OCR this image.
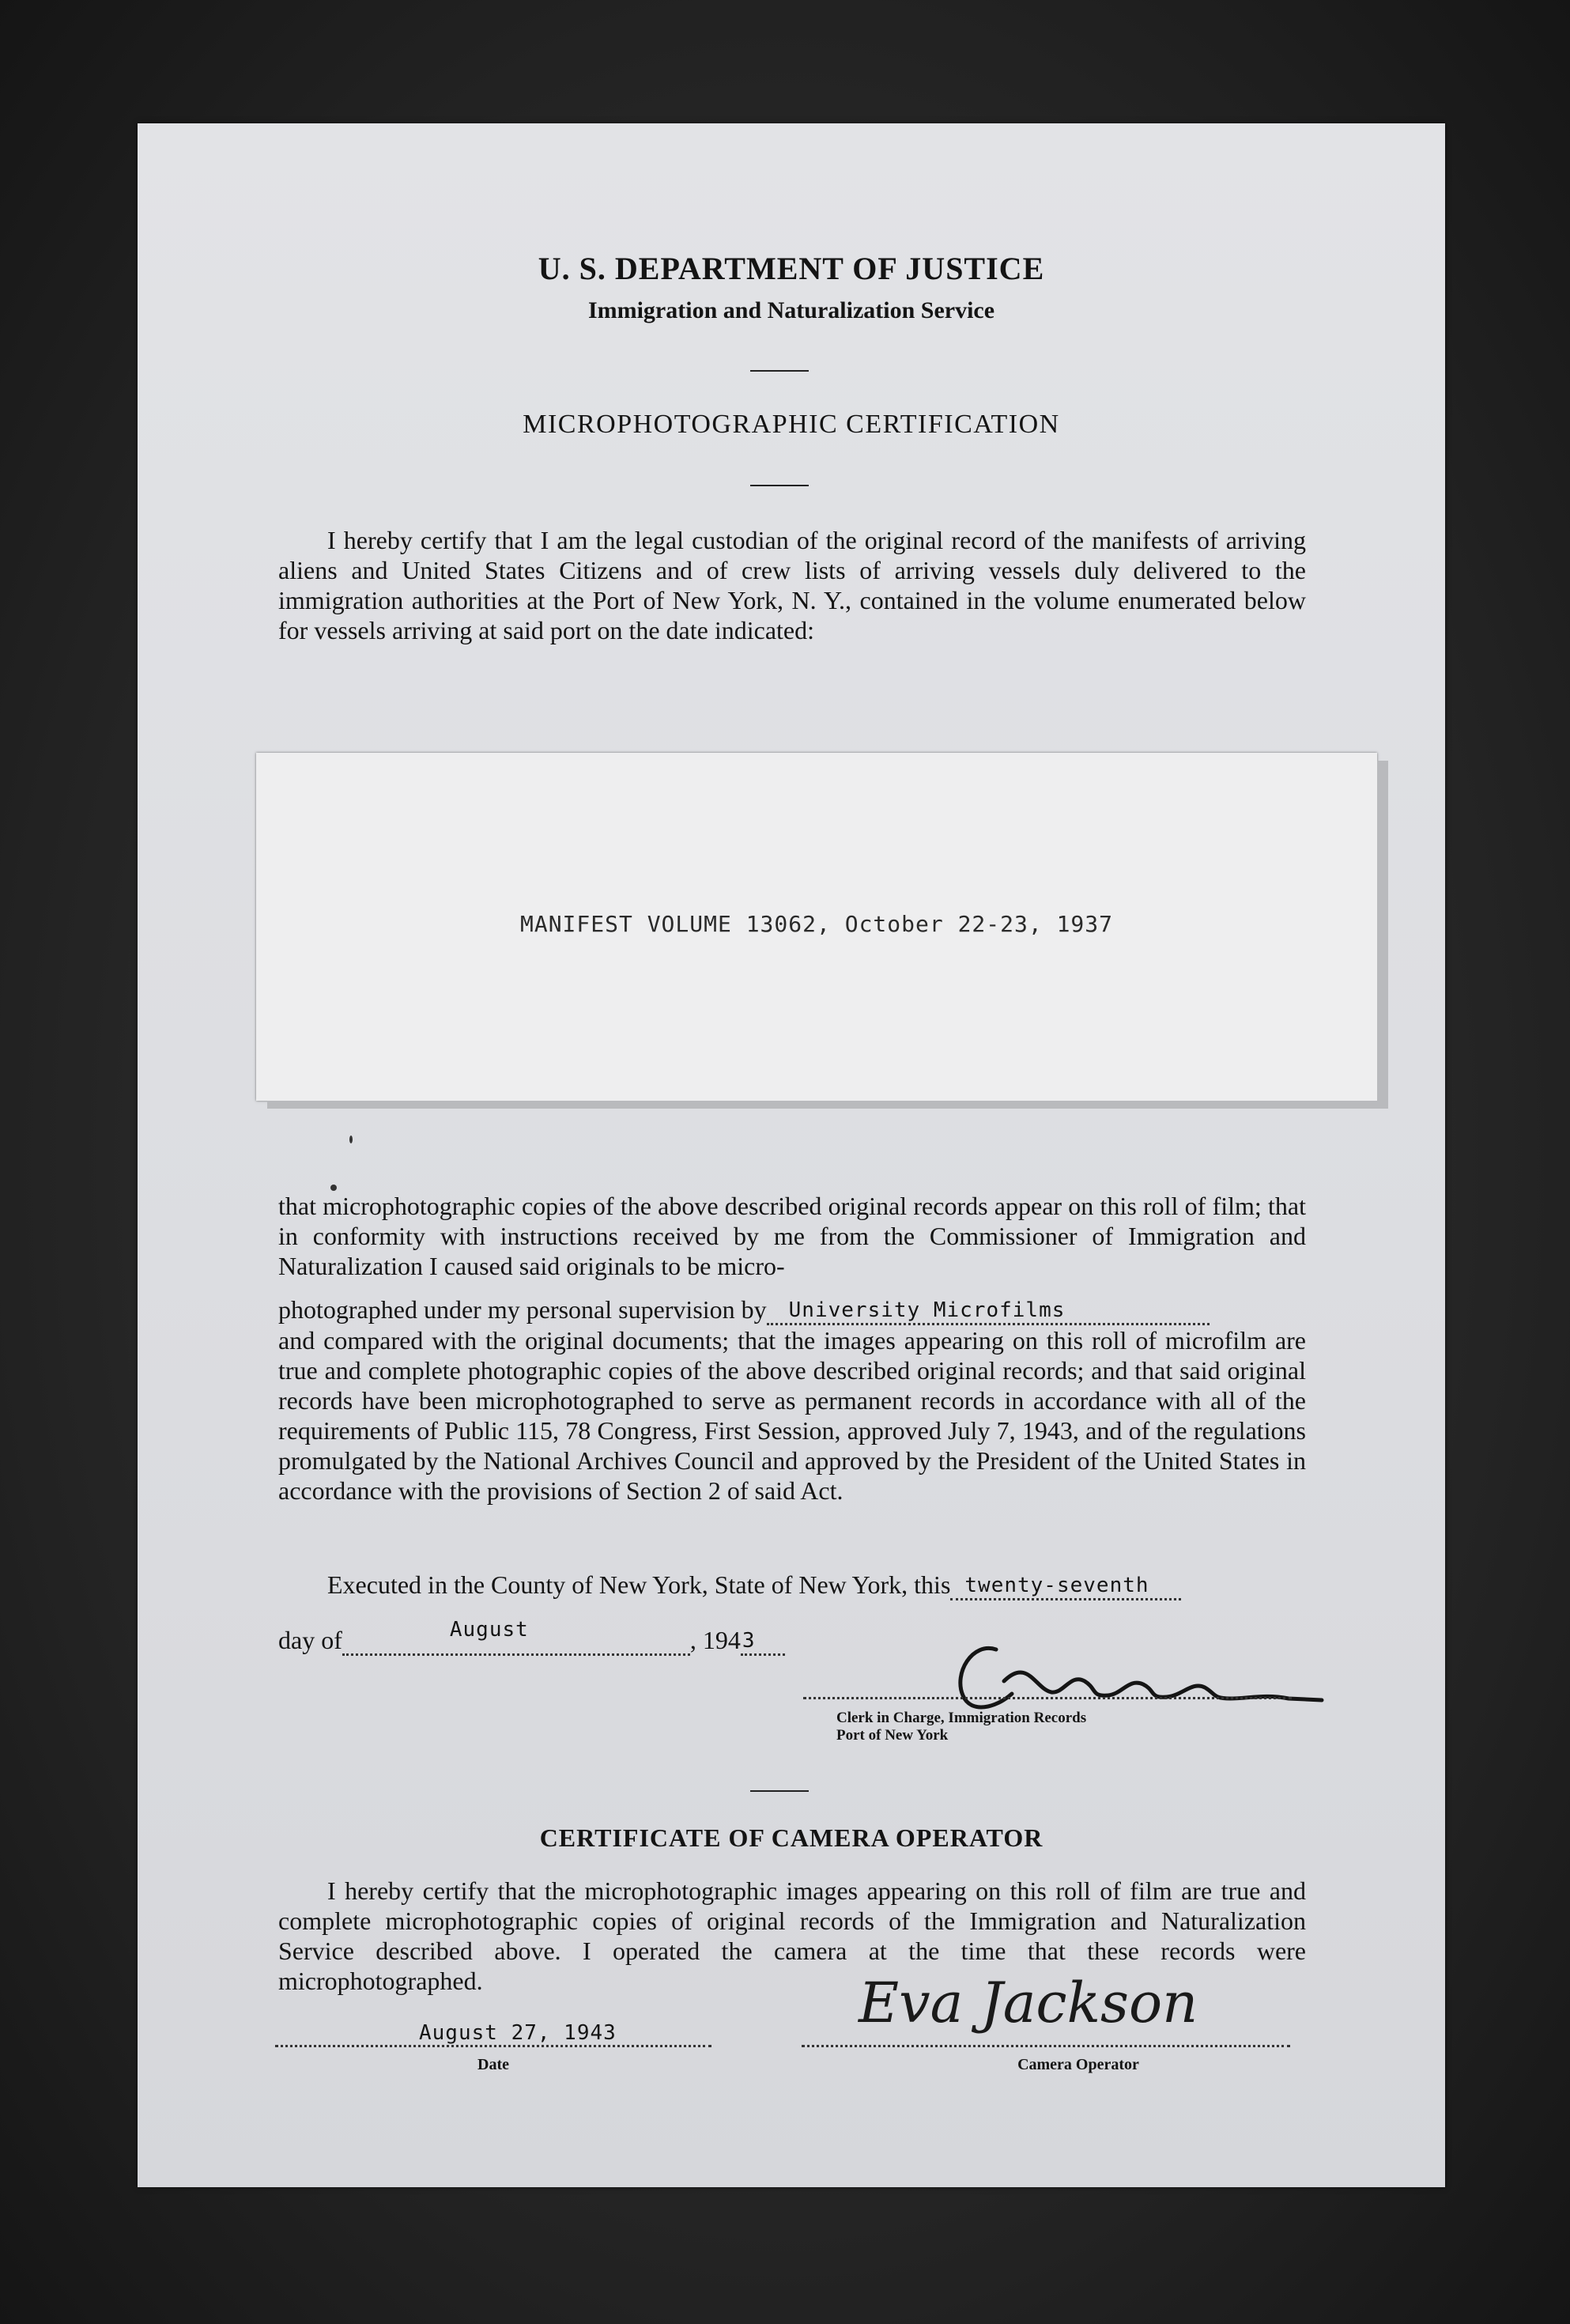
U. S. DEPARTMENT OF JUSTICE
Immigration and Naturalization Service
MICROPHOTOGRAPHIC CERTIFICATION
I hereby certify that I am the legal custodian of the original record of the manifests of arriving aliens and United States Citizens and of crew lists of arriving vessels duly delivered to the immigration authorities at the Port of New York, N. Y., contained in the volume enumerated below for vessels arriving at said port on the date indicated:
MANIFEST VOLUME 13062, October 22-23, 1937
that microphotographic copies of the above described original records appear on this roll of film; that in conformity with instructions received by me from the Commissioner of Immigration and Naturalization I caused said originals to be micro-
photographed under my personal supervision by University Microfilms
and compared with the original documents; that the images appearing on this roll of microfilm are true and complete photographic copies of the above described original records; and that said original records have been microphotographed to serve as permanent records in accordance with all of the requirements of Public 115, 78 Congress, First Session, approved July 7, 1943, and of the regulations promulgated by the National Archives Council and approved by the President of the United States in accordance with the provisions of Section 2 of said Act.
Executed in the County of New York, State of New York, this twenty-seventh
day of	August	, 194 3
Clerk in Charge, Immigration Records
Port of New York
CERTIFICATE OF CAMERA OPERATOR
I hereby certify that the microphotographic images appearing on this roll of film are true and complete microphotographic copies of original records of the Immigration and Naturalization Service described above. I operated the camera at the time that these records were microphotographed.
August 27, 1943
Date
Eva Jackson
Camera Operator
